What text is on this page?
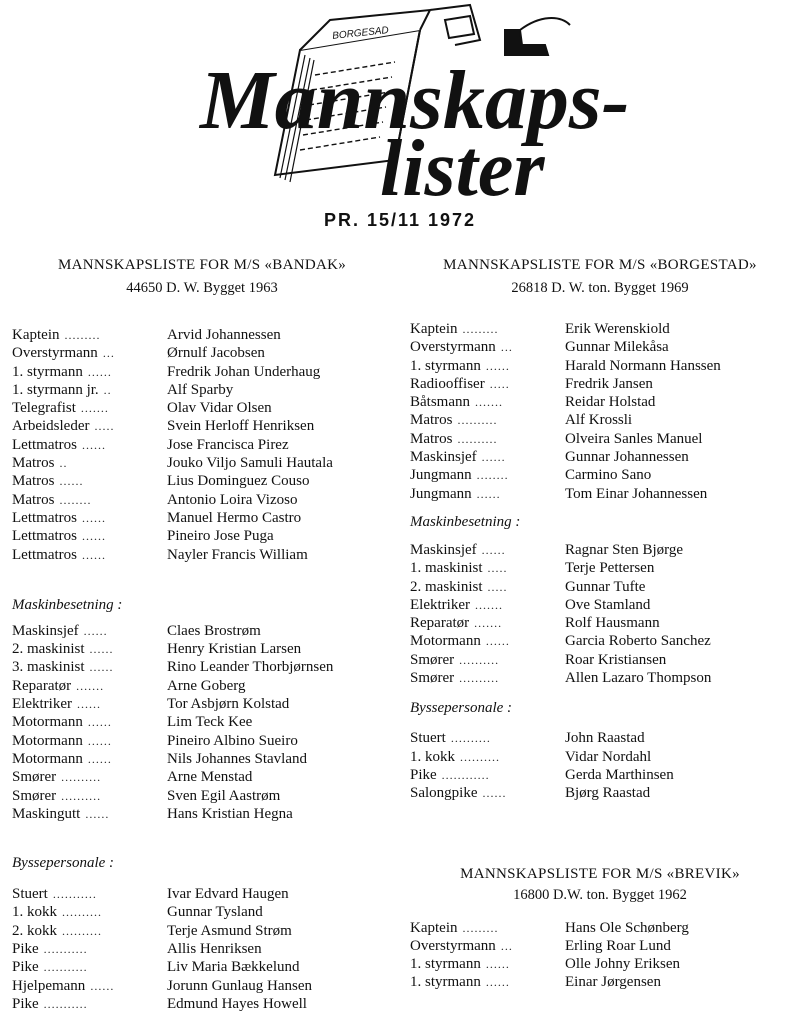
BORGESAD
Mannskaps-
lister
PR. 15/11 1972
MANNSKAPSLISTE FOR M/S «BANDAK»
44650 D. W. Bygget 1963
Kaptein .........	Arvid Johannessen
Overstyrmann ...	Ørnulf Jacobsen
1. styrmann ......	Fredrik Johan Underhaug
1. styrmann jr. ..	Alf Sparby
Telegrafist .......	Olav Vidar Olsen
Arbeidsleder .....	Svein Herloff Henriksen
Lettmatros ......	Jose Francisca Pirez
Matros ..	Jouko Viljo Samuli Hautala
Matros ......	Lius Dominguez Couso
Matros ........	Antonio Loira Vizoso
Lettmatros ......	Manuel Hermo Castro
Lettmatros ......	Pineiro Jose Puga
Lettmatros ......	Nayler Francis William
Maskinbesetning :
Maskinsjef ......	Claes Brostrøm
2. maskinist ......	Henry Kristian Larsen
3. maskinist ......	Rino Leander Thorbjørnsen
Reparatør .......	Arne Goberg
Elektriker ......	Tor Asbjørn Kolstad
Motormann ......	Lim Teck Kee
Motormann ......	Pineiro Albino Sueiro
Motormann ......	Nils Johannes Stavland
Smører ..........	Arne Menstad
Smører ..........	Sven Egil Aastrøm
Maskingutt ......	Hans Kristian Hegna
Byssepersonale :
Stuert ...........	Ivar Edvard Haugen
1. kokk ..........	Gunnar Tysland
2. kokk ..........	Terje Asmund Strøm
Pike ...........	Allis Henriksen
Pike ...........	Liv Maria Bækkelund
Hjelpemann ......	Jorunn Gunlaug Hansen
Pike ...........	Edmund Hayes Howell
MANNSKAPSLISTE FOR M/S «BORGESTAD»
26818 D. W. ton. Bygget 1969
Kaptein .........	Erik Werenskiold
Overstyrmann ...	Gunnar Milekåsa
1. styrmann ......	Harald Normann Hanssen
Radiooffiser .....	Fredrik Jansen
Båtsmann .......	Reidar Holstad
Matros ..........	Alf Krossli
Matros ..........	Olveira Sanles Manuel
Maskinsjef ......	Gunnar Johannessen
Jungmann ........	Carmino Sano
Jungmann ......	Tom Einar Johannessen
Maskinbesetning :
Maskinsjef ......	Ragnar Sten Bjørge
1. maskinist .....	Terje Pettersen
2. maskinist .....	Gunnar Tufte
Elektriker .......	Ove Stamland
Reparatør .......	Rolf Hausmann
Motormann ......	Garcia Roberto Sanchez
Smører ..........	Roar Kristiansen
Smører ..........	Allen Lazaro Thompson
Byssepersonale :
Stuert ..........	John Raastad
1. kokk ..........	Vidar Nordahl
Pike ............	Gerda Marthinsen
Salongpike ......	Bjørg Raastad
MANNSKAPSLISTE FOR M/S «BREVIK»
16800 D.W. ton. Bygget 1962
Kaptein .........	Hans Ole Schønberg
Overstyrmann ...	Erling Roar Lund
1. styrmann ......	Olle Johny Eriksen
1. styrmann ......	Einar Jørgensen
